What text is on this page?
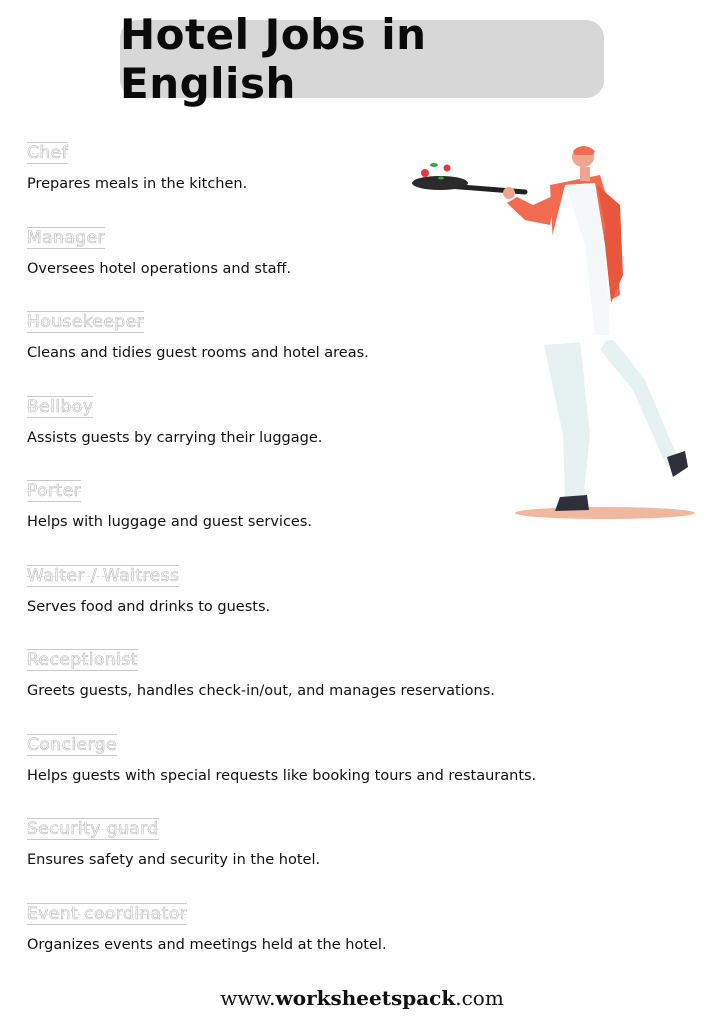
Hotel Jobs in English
Chef
Prepares meals in the kitchen.
Manager
Oversees hotel operations and staff.
Housekeeper
Cleans and tidies guest rooms and hotel areas.
Bellboy
Assists guests by carrying their luggage.
Porter
Helps with luggage and guest services.
Waiter / Waitress
Serves food and drinks to guests.
Receptionist
Greets guests, handles check-in/out, and manages reservations.
Concierge
Helps guests with special requests like booking tours and restaurants.
Security guard
Ensures safety and security in the hotel.
Event coordinator
Organizes events and meetings held at the hotel.
www.worksheetspack.com
